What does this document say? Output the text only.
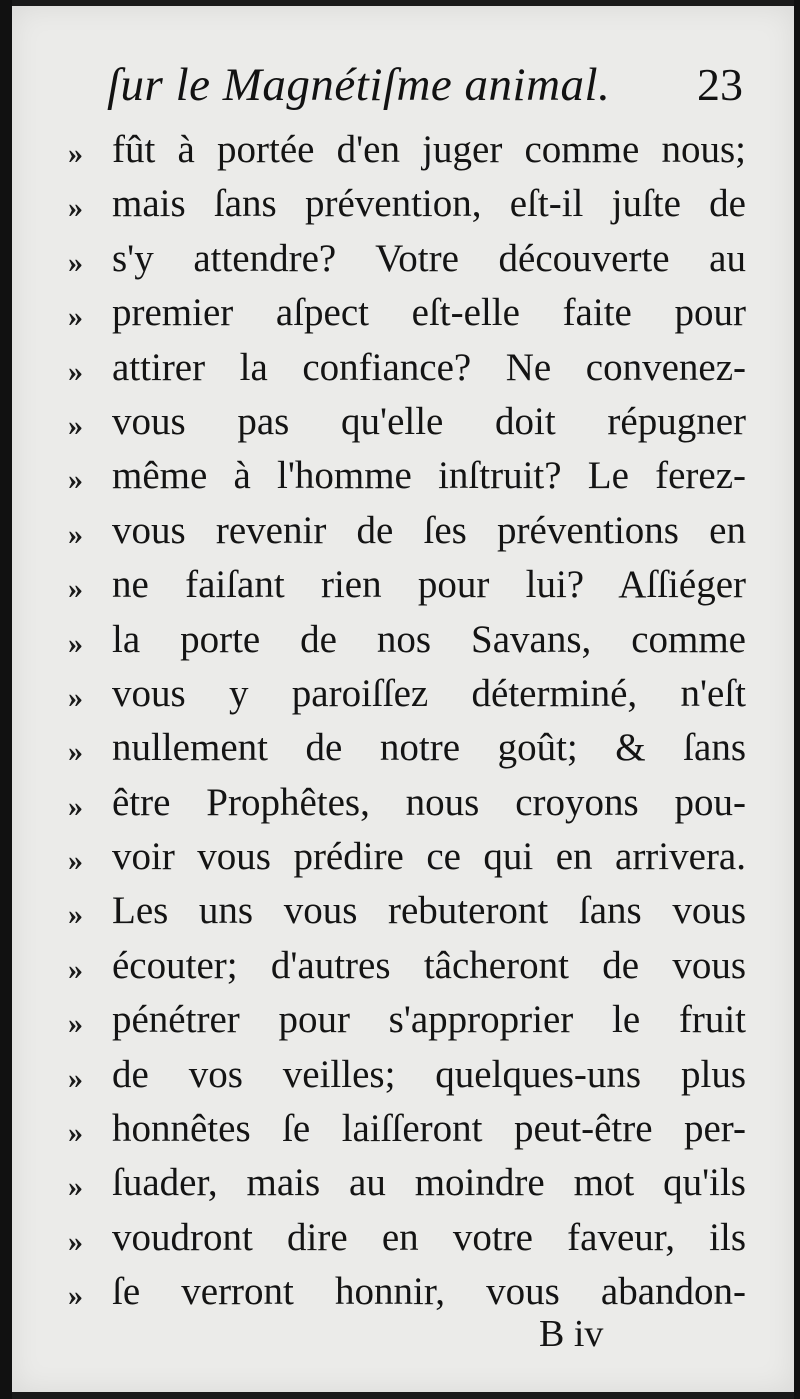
ſur le Magnétiſme animal. 23
» fût à portée d'en juger comme nous;
» mais ſans prévention, eſt-il juſte de
» s'y attendre? Votre découverte au
» premier aſpect eſt-elle faite pour
» attirer la confiance? Ne convenez-
» vous pas qu'elle doit répugner
» même à l'homme inſtruit? Le ferez-
» vous revenir de ſes préventions en
» ne faiſant rien pour lui? Aſſiéger
» la porte de nos Savans, comme
» vous y paroiſſez déterminé, n'eſt
» nullement de notre goût; & ſans
» être Prophêtes, nous croyons pou-
» voir vous prédire ce qui en arrivera.
» Les uns vous rebuteront ſans vous
» écouter; d'autres tâcheront de vous
» pénétrer pour s'approprier le fruit
» de vos veilles; quelques-uns plus
» honnêtes ſe laiſſeront peut-être per-
» ſuader, mais au moindre mot qu'ils
» voudront dire en votre faveur, ils
» ſe verront honnir, vous abandon-
B iv
